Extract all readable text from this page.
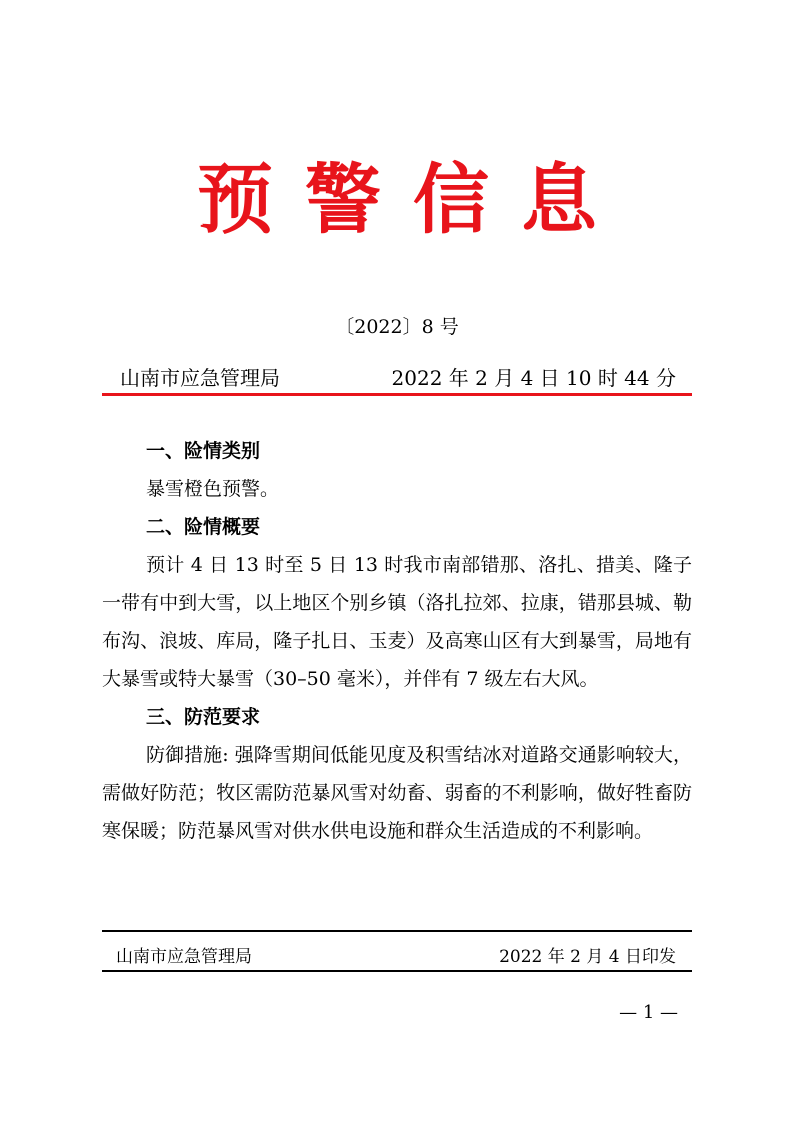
预警信息
〔2022〕8 号
山南市应急管理局	2022 年 2 月 4 日 10 时 44 分
一、险情类别

暴雪橙色预警。

二、险情概要

预计 4 日 13 时至 5 日 13 时我市南部错那、洛扎、措美、隆子一带有中到大雪，以上地区个别乡镇（洛扎拉郊、拉康，错那县城、勒布沟、浪坡、库局，隆子扎日、玉麦）及高寒山区有大到暴雪，局地有大暴雪或特大暴雪（30–50 毫米），并伴有 7 级左右大风。

三、防范要求

防御措施: 强降雪期间低能见度及积雪结冰对道路交通影响较大，需做好防范；牧区需防范暴风雪对幼畜、弱畜的不利影响，做好牲畜防寒保暖；防范暴风雪对供水供电设施和群众生活造成的不利影响。

山南市应急管理局	2022 年 2 月 4 日印发
— 1 —
